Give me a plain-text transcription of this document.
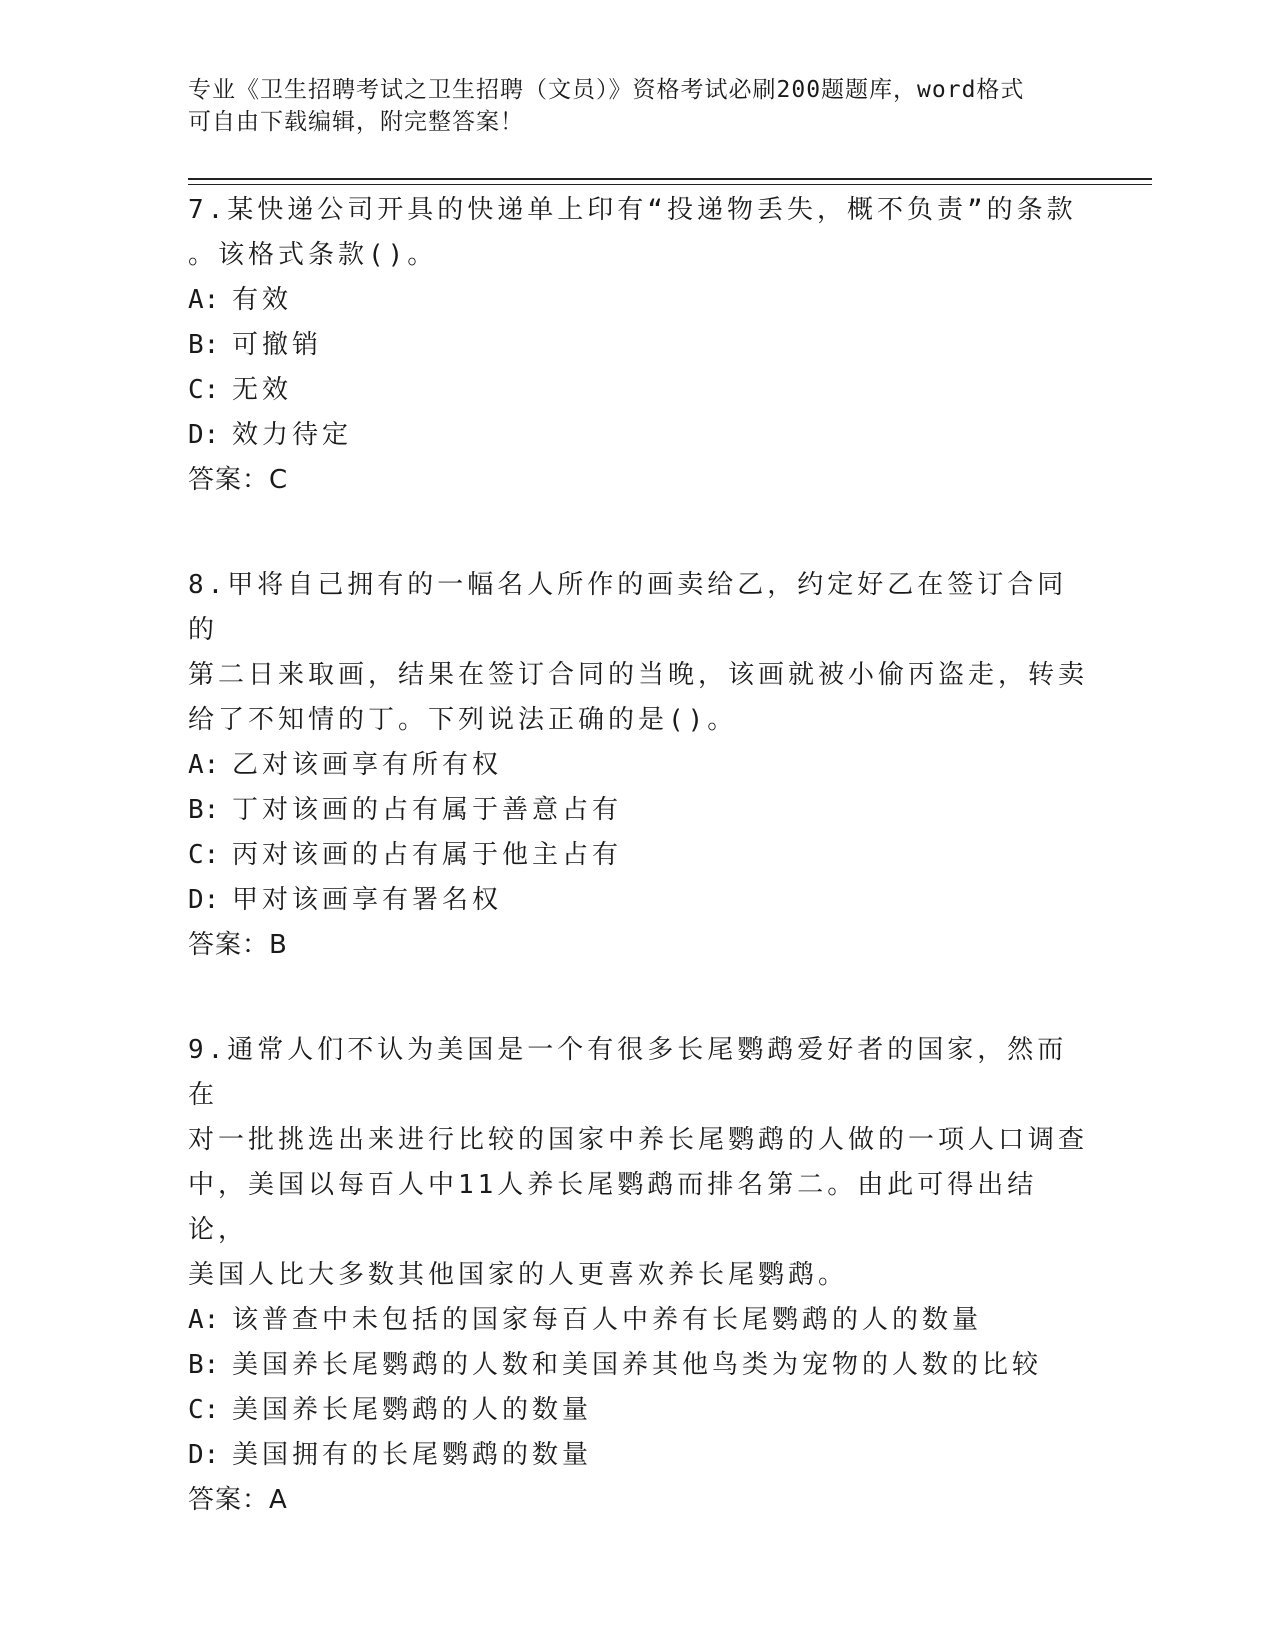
专业《卫生招聘考试之卫生招聘（文员）》资格考试必刷200题题库，word格式
可自由下载编辑，附完整答案！

7.某快递公司开具的快递单上印有“投递物丢失，概不负责”的条款

。该格式条款()。

A: 有效

B: 可撤销

C: 无效

D: 效力待定

答案：C

8.甲将自己拥有的一幅名人所作的画卖给乙，约定好乙在签订合同的

第二日来取画，结果在签订合同的当晚，该画就被小偷丙盗走，转卖

给了不知情的丁。下列说法正确的是()。

A: 乙对该画享有所有权

B: 丁对该画的占有属于善意占有

C: 丙对该画的占有属于他主占有

D: 甲对该画享有署名权

答案：B

9.通常人们不认为美国是一个有很多长尾鹦鹉爱好者的国家，然而在

对一批挑选出来进行比较的国家中养长尾鹦鹉的人做的一项人口调查

中，美国以每百人中11人养长尾鹦鹉而排名第二。由此可得出结论，

美国人比大多数其他国家的人更喜欢养长尾鹦鹉。

A: 该普查中未包括的国家每百人中养有长尾鹦鹉的人的数量

B: 美国养长尾鹦鹉的人数和美国养其他鸟类为宠物的人数的比较

C: 美国养长尾鹦鹉的人的数量

D: 美国拥有的长尾鹦鹉的数量

答案：A
